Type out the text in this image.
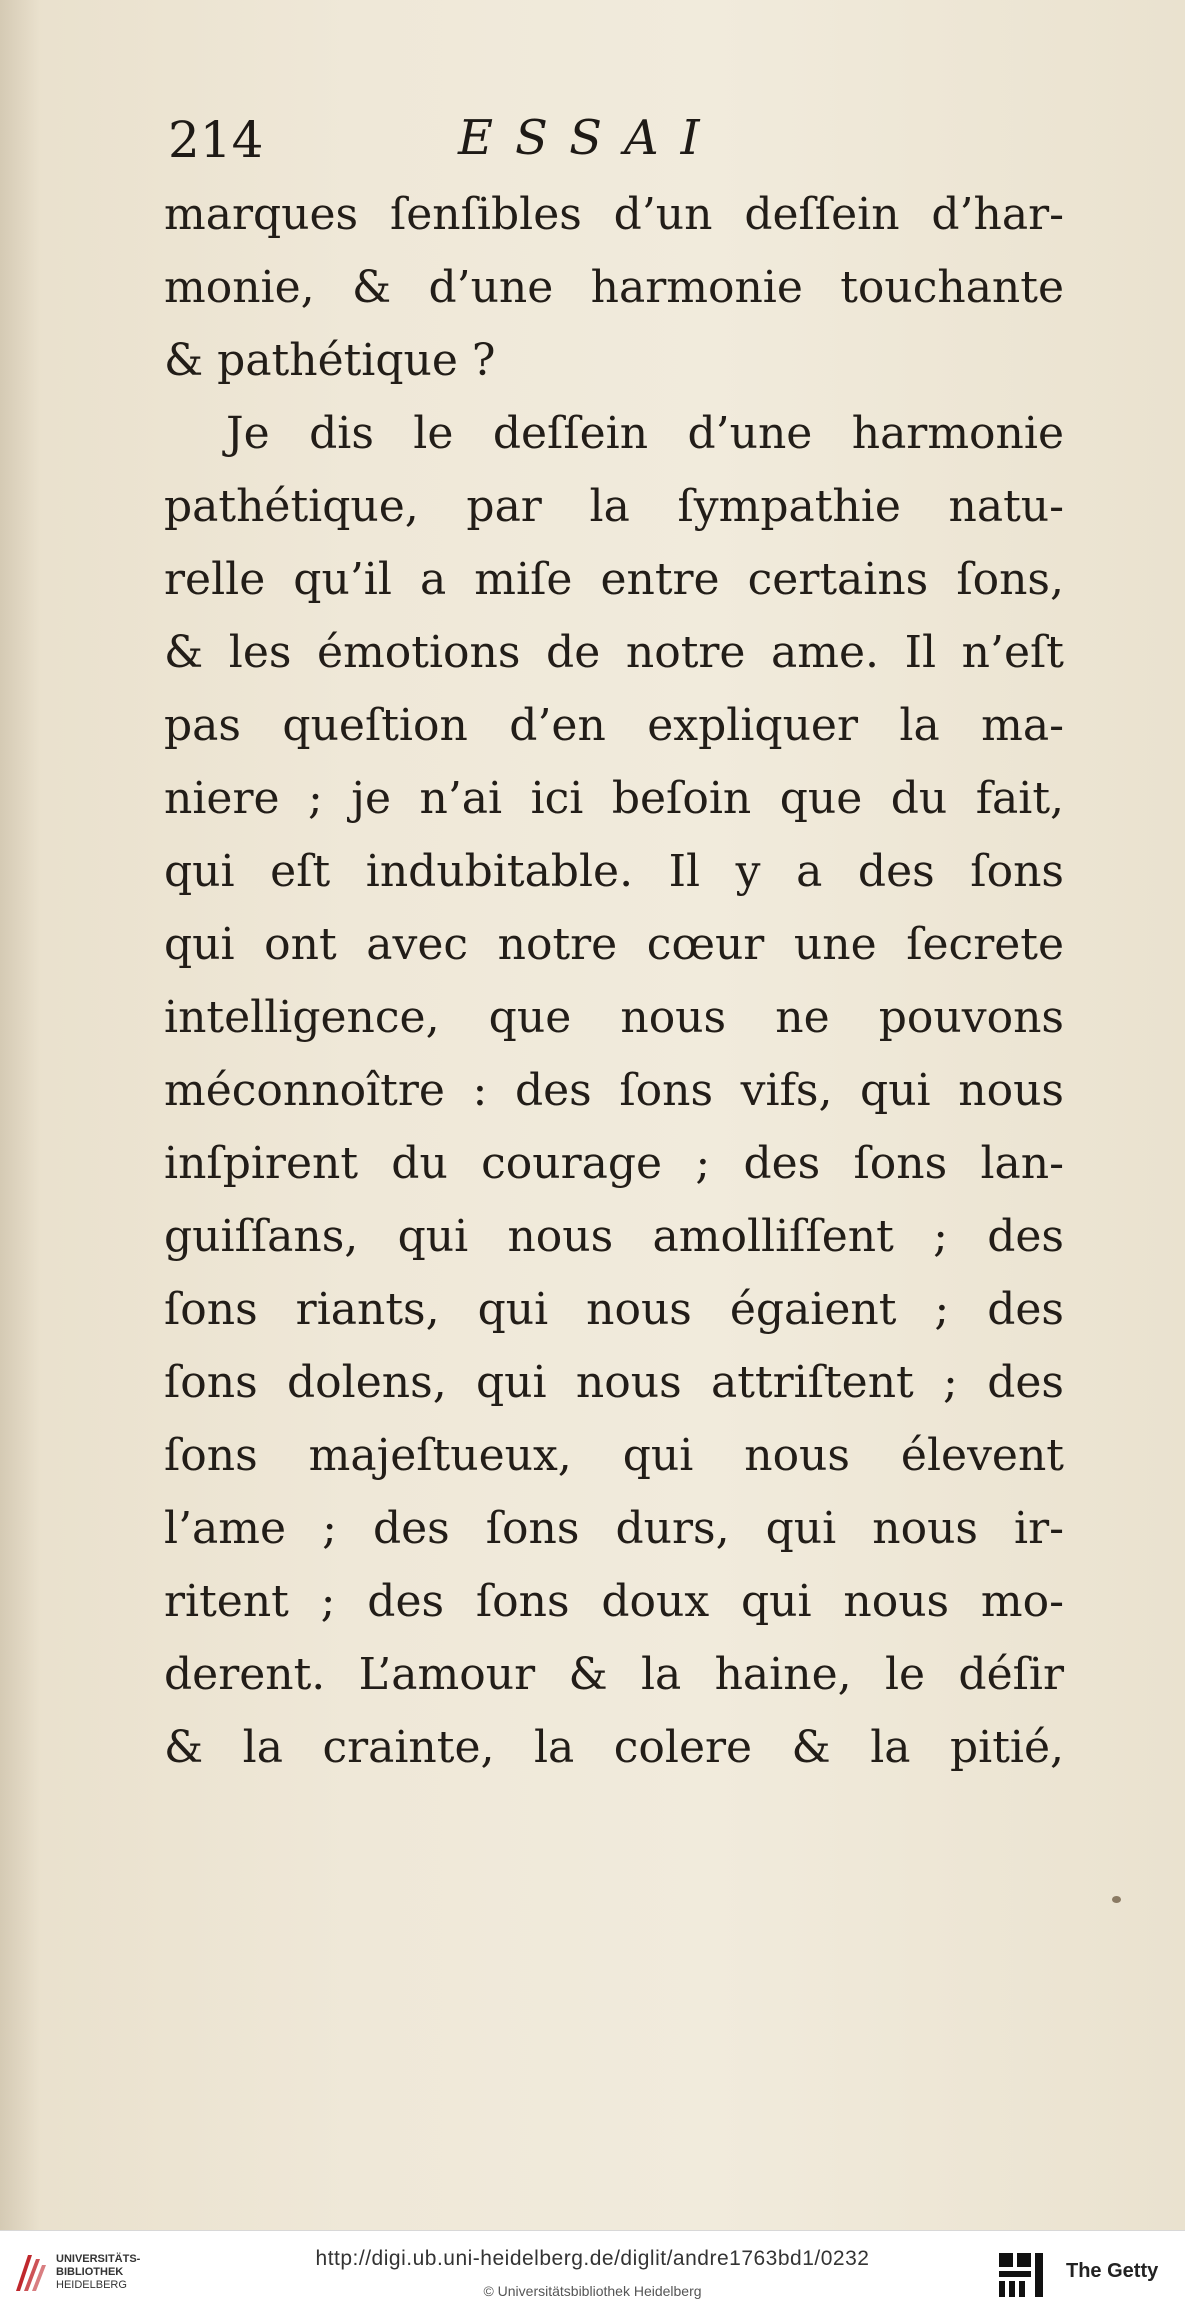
214	ESSAI
marques ſenſibles d’un deſſein d’har-
monie, & d’une harmonie touchante
& pathétique ?
Je dis le deſſein d’une harmonie
pathétique, par la ſympathie natu-
relle qu’il a miſe entre certains ſons,
& les émotions de notre ame. Il n’eſt
pas queſtion d’en expliquer la ma-
niere ; je n’ai ici beſoin que du fait,
qui eſt indubitable. Il y a des ſons
qui ont avec notre cœur une ſecrete
intelligence, que nous ne pouvons
méconnoître : des ſons vifs, qui nous
inſpirent du courage ; des ſons lan-
guiſſans, qui nous amolliſſent ; des
ſons riants, qui nous égaient ; des
ſons dolens, qui nous attriſtent ; des
ſons majeſtueux, qui nous élevent
l’ame ; des ſons durs, qui nous ir-
ritent ; des ſons doux qui nous mo-
derent. L’amour & la haine, le déſir
& la crainte, la colere & la pitié,
UNIVERSITÄTS-
BIBLIOTHEK
HEIDELBERG
http://digi.ub.uni-heidelberg.de/diglit/andre1763bd1/0232
© Universitätsbibliothek Heidelberg
The Getty
